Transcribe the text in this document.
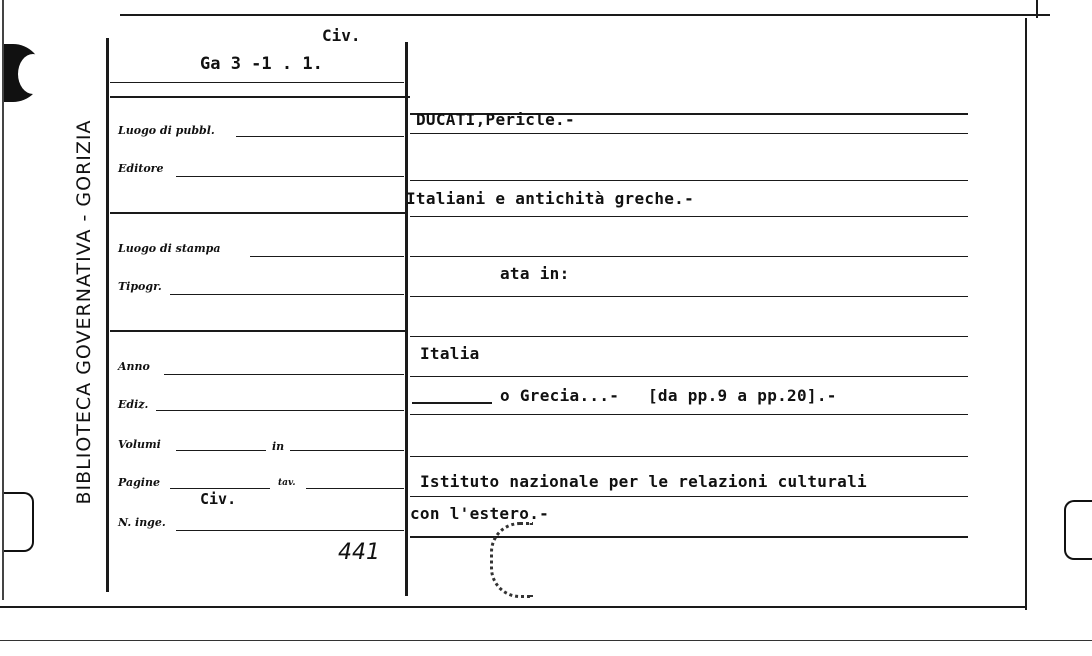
BIBLIOTECA GOVERNATIVA - GORIZIA
Civ.
Ga 3 -1 . 1.
Luogo di pubbl.
Editore
Luogo di stampa
Tipogr.
Anno
Ediz.
Volumi	in
Pagine	tav.
Civ.
N. inge.
441
DUCATI,Pericle.-
Italiani e antichità greche.-
ata in:
Italia
o Grecia...- [da pp.9 a pp.20].-
Istituto nazionale per le relazioni culturali
con l'estero.-
